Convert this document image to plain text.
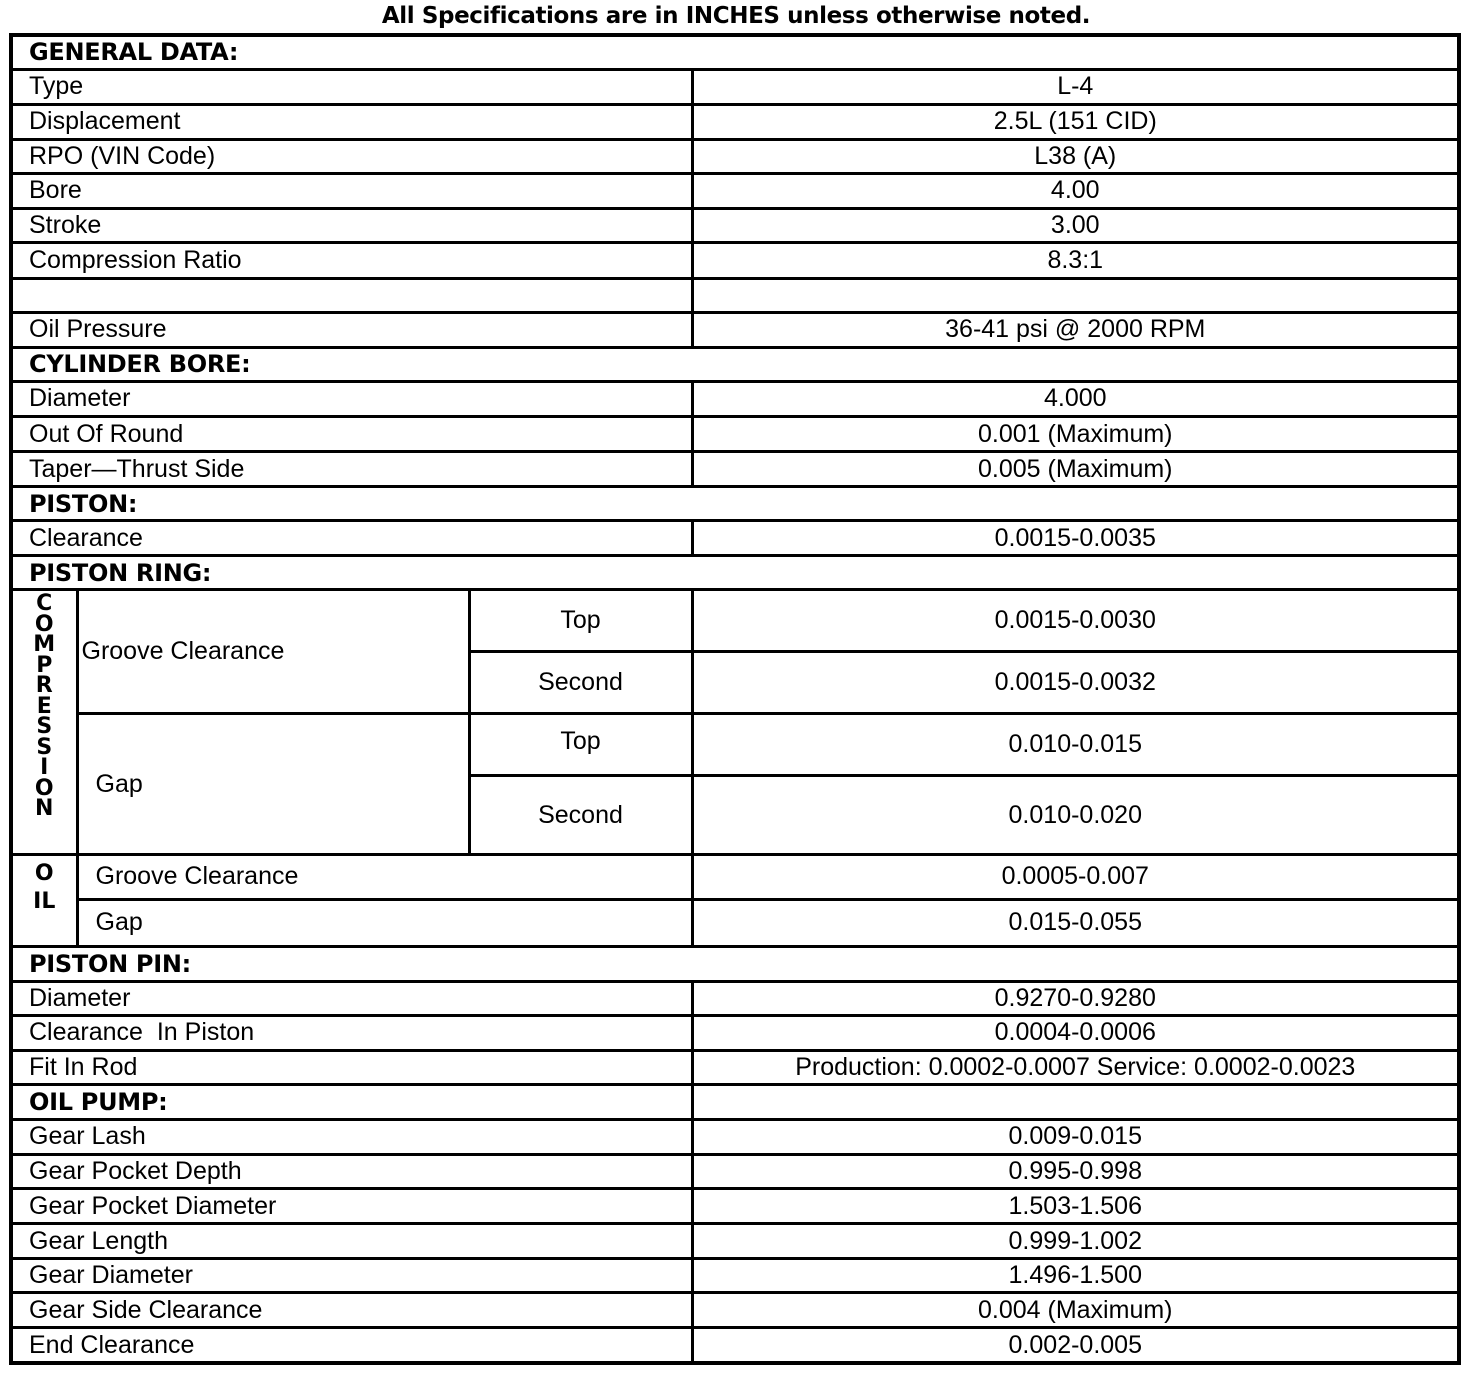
All Specifications are in INCHES unless otherwise noted.
GENERAL DATA:			
Type			L-4
Displacement			2.5L (151 CID)
RPO (VIN Code)			L38 (A)
Bore			4.00
Stroke			3.00
Compression Ratio			8.3:1

Oil Pressure			36-41 psi @ 2000 RPM
CYLINDER BORE:			
Diameter			4.000
Out Of Round			0.001 (Maximum)
Taper—Thrust Side			0.005 (Maximum)
PISTON:			
Clearance			0.0015-0.0035
PISTON RING:			
COMPRESSION	Groove Clearance	Top	0.0015-0.0030
		Second	0.0015-0.0032
	Gap	Top	0.010-0.015
		Second	0.010-0.020
OIL	Groove Clearance		0.0005-0.007
	Gap		0.015-0.055
PISTON PIN:			
Diameter			0.9270-0.9280
Clearance  In Piston			0.0004-0.0006
Fit In Rod			Production: 0.0002-0.0007 Service: 0.0002-0.0023
OIL PUMP:			
Gear Lash			0.009-0.015
Gear Pocket Depth			0.995-0.998
Gear Pocket Diameter			1.503-1.506
Gear Length			0.999-1.002
Gear Diameter			1.496-1.500
Gear Side Clearance			0.004 (Maximum)
End Clearance			0.002-0.005
